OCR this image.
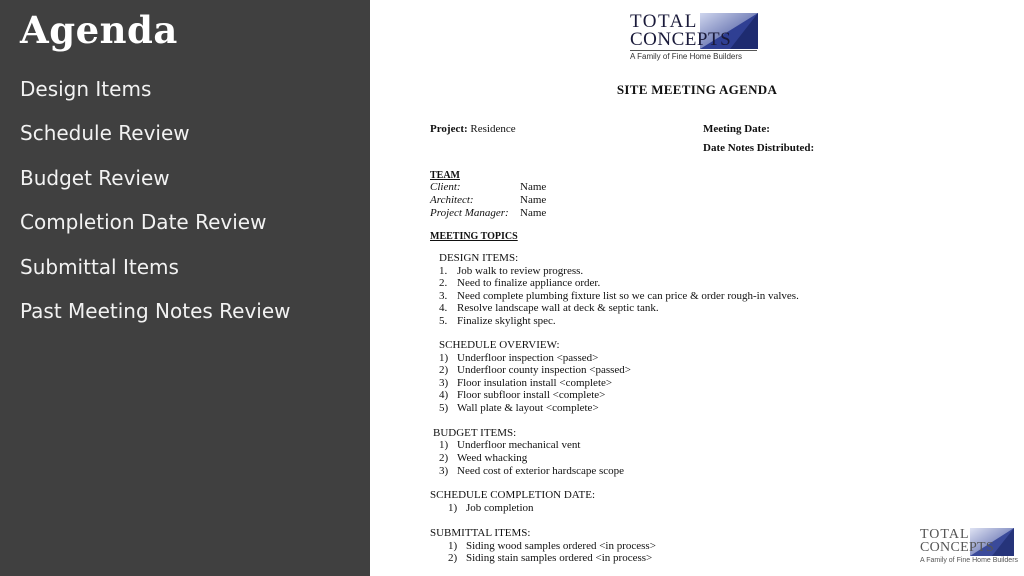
Agenda
Design Items
Schedule Review
Budget Review
Completion Date Review
Submittal Items
Past Meeting Notes Review
TOTAL
CONCEPTS
A Family of Fine Home Builders
SITE MEETING AGENDA
Project: Residence	Meeting Date:
Date Notes Distributed:
TEAM
Client:	Name
Architect:	Name
Project Manager: Name
MEETING TOPICS
DESIGN ITEMS:
1. Job walk to review progress.
2. Need to finalize appliance order.
3. Need complete plumbing fixture list so we can price & order rough-in valves.
4. Resolve landscape wall at deck & septic tank.
5. Finalize skylight spec.
SCHEDULE OVERVIEW:
1) Underfloor inspection <passed>
2) Underfloor county inspection <passed>
3) Floor insulation install <complete>
4) Floor subfloor install <complete>
5) Wall plate & layout <complete>
BUDGET ITEMS:
1) Underfloor mechanical vent
2) Weed whacking
3) Need cost of exterior hardscape scope
SCHEDULE COMPLETION DATE:
1) Job completion
SUBMITTAL ITEMS:
1) Siding wood samples ordered <in process>
2) Siding stain samples ordered <in process>
TOTAL
CONCEPTS
A Family of Fine Home Builders
